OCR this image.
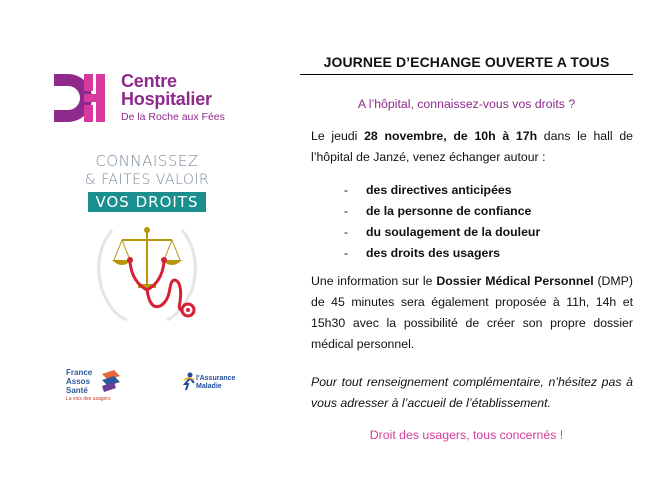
Centre
Hospitalier
De la Roche aux Fées
CONNAISSEZ
& FAITES VALOIR
VOS DROITS
France
Assos
Santé
La voix des usagers
l'Assurance
Maladie
JOURNEE D’ECHANGE OUVERTE A TOUS
A l’hôpital, connaissez-vous vos droits ?
Le jeudi 28 novembre, de 10h à 17h dans le hall de l’hôpital de Janzé, venez échanger autour :
- des directives anticipées
- de la personne de confiance
- du soulagement de la douleur
- des droits des usagers
Une information sur le Dossier Médical Personnel (DMP) de 45 minutes sera également proposée à 11h, 14h et 15h30 avec la possibilité de créer son propre dossier médical personnel.
Pour tout renseignement complémentaire, n’hésitez pas à vous adresser à l’accueil de l’établissement.
Droit des usagers, tous concernés !
